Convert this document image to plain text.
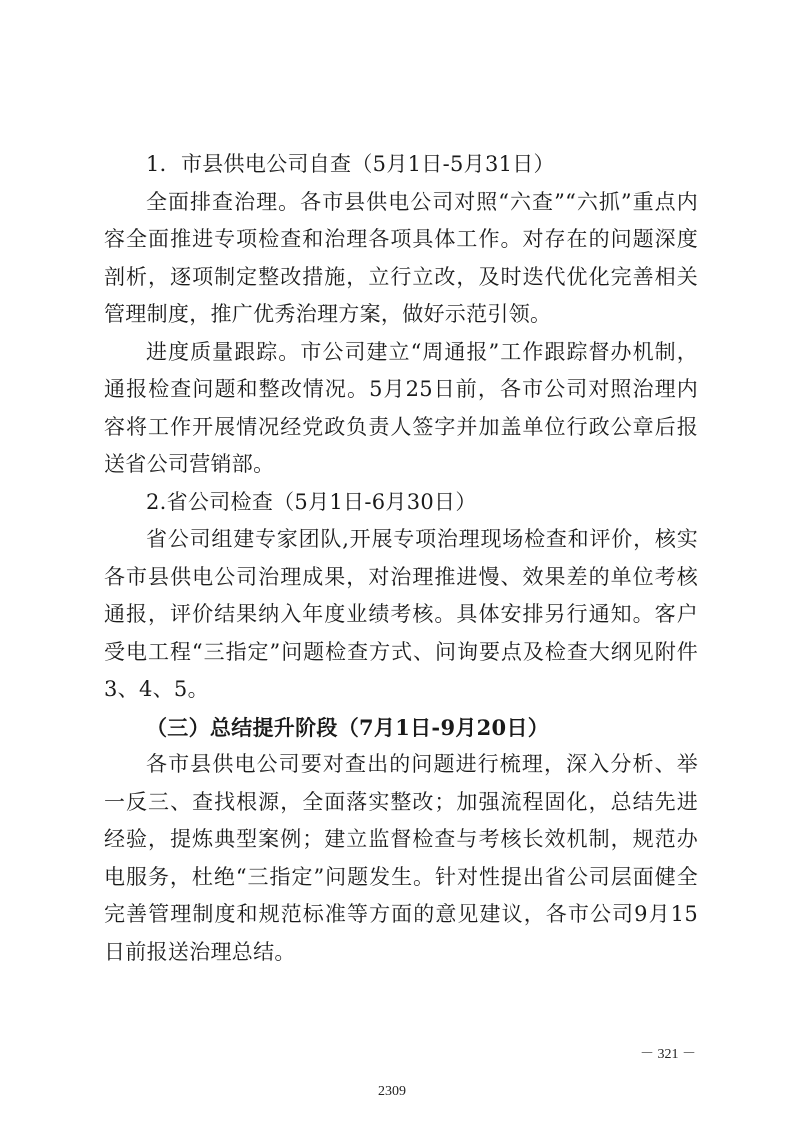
1．市县供电公司自查（5月1日-5月31日）

全面排查治理。各市县供电公司对照“六查”“六抓”重点内容全面推进专项检查和治理各项具体工作。对存在的问题深度剖析，逐项制定整改措施，立行立改，及时迭代优化完善相关管理制度，推广优秀治理方案，做好示范引领。

进度质量跟踪。市公司建立“周通报”工作跟踪督办机制，通报检查问题和整改情况。5月25日前，各市公司对照治理内容将工作开展情况经党政负责人签字并加盖单位行政公章后报送省公司营销部。

2.省公司检查（5月1日-6月30日）

省公司组建专家团队,开展专项治理现场检查和评价，核实各市县供电公司治理成果，对治理推进慢、效果差的单位考核通报，评价结果纳入年度业绩考核。具体安排另行通知。客户受电工程“三指定”问题检查方式、问询要点及检查大纲见附件3、4、5。

（三）总结提升阶段（7月1日-9月20日）

各市县供电公司要对查出的问题进行梳理，深入分析、举一反三、查找根源，全面落实整改；加强流程固化，总结先进经验，提炼典型案例；建立监督检查与考核长效机制，规范办电服务，杜绝“三指定”问题发生。针对性提出省公司层面健全完善管理制度和规范标准等方面的意见建议，各市公司9月15日前报送治理总结。

－ 321 －
2309
